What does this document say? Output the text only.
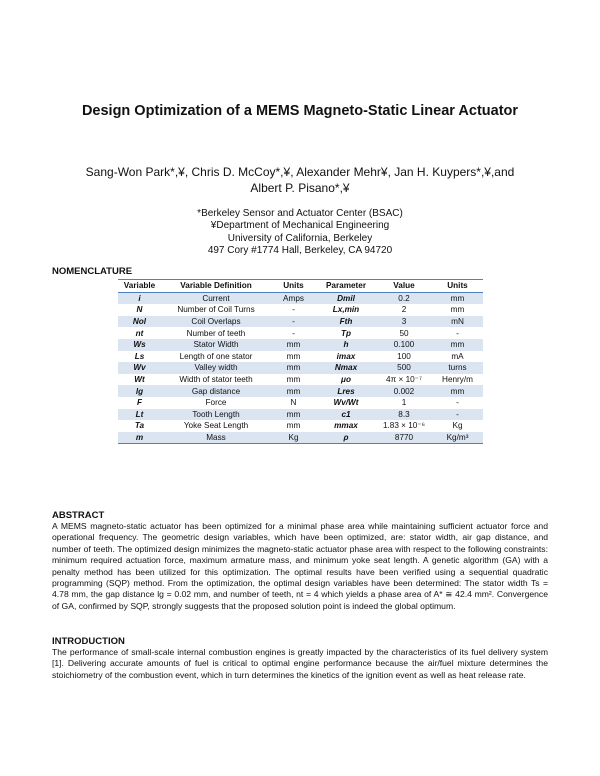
Design Optimization of a MEMS Magneto-Static Linear Actuator
Sang-Won Park*,¥, Chris D. McCoy*,¥, Alexander Mehr¥, Jan H. Kuypers*,¥,and
Albert P. Pisano*,¥
*Berkeley Sensor and Actuator Center (BSAC)
¥Department of Mechanical Engineering
University of California, Berkeley
497 Cory #1774 Hall, Berkeley, CA 94720
NOMENCLATURE
Variable	Variable Definition	Units	Parameter	Value	Units
i	Current	Amps	Dmil	0.2	mm
N	Number of Coil Turns	-	Lx,min	2	mm
Nol	Coil Overlaps	-	Fth	3	mN
nt	Number of teeth	-	Tp	50	-
Ws	Stator Width	mm	h	0.100	mm
Ls	Length of one stator	mm	imax	100	mA
Wv	Valley width	mm	Nmax	500	turns
Wt	Width of stator teeth	mm	μo	4π × 10⁻⁷	Henry/m
lg	Gap distance	mm	Lres	0.002	mm
F	Force	N	Wv/Wt	1	-
Lt	Tooth Length	mm	c1	8.3	-
Ta	Yoke Seat Length	mm	mmax	1.83 × 10⁻⁶	Kg
m	Mass	Kg	ρ	8770	Kg/m³
ABSTRACT
A MEMS magneto-static actuator has been optimized for a minimal phase area while maintaining sufficient actuator force and operational frequency. The geometric design variables, which have been optimized, are: stator width, air gap distance, and number of teeth. The optimized design minimizes the magneto-static actuator phase area with respect to the following constraints: minimum required actuation force, maximum armature mass, and minimum yoke seat length. A genetic algorithm (GA) with a penalty method has been utilized for this optimization. The optimal results have been verified using a sequential quadratic programming (SQP) method. From the optimization, the optimal design variables have been determined: The stator width Ts = 4.78 mm, the gap distance lg = 0.02 mm, and number of teeth, nt = 4 which yields a phase area of A* ≅ 42.4 mm². Convergence of GA, confirmed by SQP, strongly suggests that the proposed solution point is indeed the global optimum.
INTRODUCTION
The performance of small-scale internal combustion engines is greatly impacted by the characteristics of its fuel delivery system [1]. Delivering accurate amounts of fuel is critical to optimal engine performance because the air/fuel mixture determines the stoichiometry of the combustion event, which in turn determines the kinetics of the ignition event as well as heat release rate.
